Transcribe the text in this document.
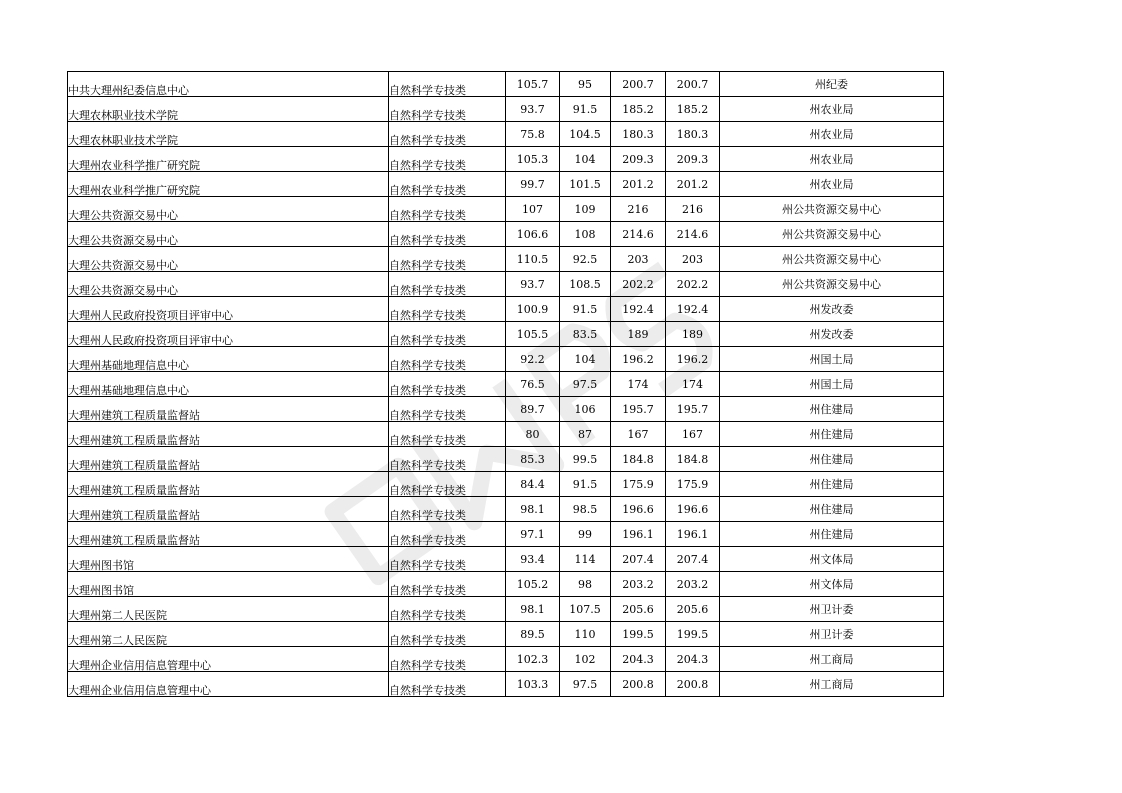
中共大理州纪委信息中心	自然科学专技类	105.7	95	200.7	200.7	州纪委
大理农林职业技术学院	自然科学专技类	93.7	91.5	185.2	185.2	州农业局
大理农林职业技术学院	自然科学专技类	75.8	104.5	180.3	180.3	州农业局
大理州农业科学推广研究院	自然科学专技类	105.3	104	209.3	209.3	州农业局
大理州农业科学推广研究院	自然科学专技类	99.7	101.5	201.2	201.2	州农业局
大理公共资源交易中心	自然科学专技类	107	109	216	216	州公共资源交易中心
大理公共资源交易中心	自然科学专技类	106.6	108	214.6	214.6	州公共资源交易中心
大理公共资源交易中心	自然科学专技类	110.5	92.5	203	203	州公共资源交易中心
大理公共资源交易中心	自然科学专技类	93.7	108.5	202.2	202.2	州公共资源交易中心
大理州人民政府投资项目评审中心	自然科学专技类	100.9	91.5	192.4	192.4	州发改委
大理州人民政府投资项目评审中心	自然科学专技类	105.5	83.5	189	189	州发改委
大理州基础地理信息中心	自然科学专技类	92.2	104	196.2	196.2	州国土局
大理州基础地理信息中心	自然科学专技类	76.5	97.5	174	174	州国土局
大理州建筑工程质量监督站	自然科学专技类	89.7	106	195.7	195.7	州住建局
大理州建筑工程质量监督站	自然科学专技类	80	87	167	167	州住建局
大理州建筑工程质量监督站	自然科学专技类	85.3	99.5	184.8	184.8	州住建局
大理州建筑工程质量监督站	自然科学专技类	84.4	91.5	175.9	175.9	州住建局
大理州建筑工程质量监督站	自然科学专技类	98.1	98.5	196.6	196.6	州住建局
大理州建筑工程质量监督站	自然科学专技类	97.1	99	196.1	196.1	州住建局
大理州图书馆	自然科学专技类	93.4	114	207.4	207.4	州文体局
大理州图书馆	自然科学专技类	105.2	98	203.2	203.2	州文体局
大理州第二人民医院	自然科学专技类	98.1	107.5	205.6	205.6	州卫计委
大理州第二人民医院	自然科学专技类	89.5	110	199.5	199.5	州卫计委
大理州企业信用信息管理中心	自然科学专技类	102.3	102	204.3	204.3	州工商局
大理州企业信用信息管理中心	自然科学专技类	103.3	97.5	200.8	200.8	州工商局
